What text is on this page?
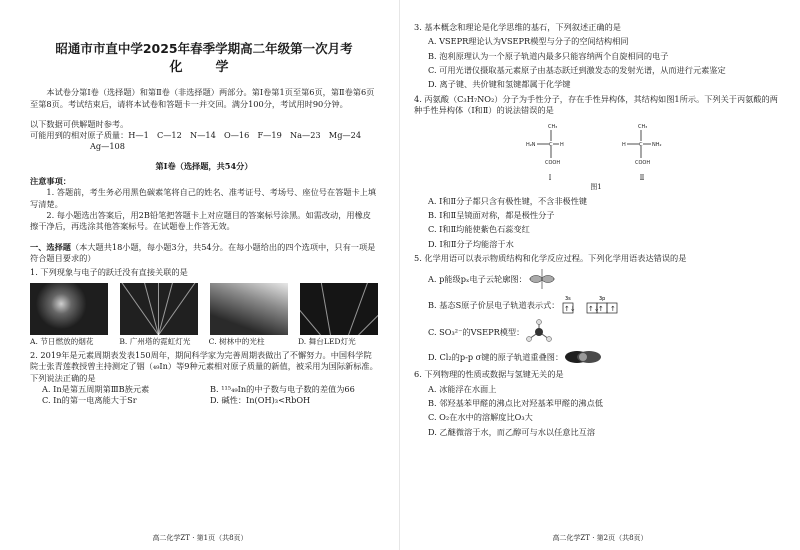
昭通市市直中学2025年春季学期高二年级第一次月考

化　学

本试卷分第Ⅰ卷（选择题）和第Ⅱ卷（非选择题）两部分。第Ⅰ卷第1页至第6页，第Ⅱ卷第6页至第8页。考试结束后，请将本试卷和答题卡一并交回。满分100分，考试用时90分钟。

以下数据可供解题时参考。

可能用到的相对原子质量：H—1　C—12　N—14　O—16　F—19　Na—23　Mg—24

Ag—108

第Ⅰ卷（选择题，共54分）

注意事项：

1. 答题前，考生务必用黑色碳素笔将自己的姓名、准考证号、考场号、座位号在答题卡上填写清楚。

2. 每小题选出答案后，用2B铅笔把答题卡上对应题目的答案标号涂黑。如需改动，用橡皮擦干净后，再选涂其他答案标号。在试题卷上作答无效。

一、选择题（本大题共18小题，每小题3分，共54分。在每小题给出的四个选项中，只有一项是符合题目要求的）

1. 下列现象与电子的跃迁没有直接关联的是

A. 节日燃放的烟花	B. 广州塔的霓虹灯光	C. 树林中的光柱	D. 舞台LED灯光

2. 2019年是元素周期表发表150周年，期间科学家为完善周期表做出了不懈努力。中国科学院院士张青莲教授曾主持测定了铟（₄₉In）等9种元素相对原子质量的新值，被采用为国际新标准。下列说法正确的是

A. In是第五周期第ⅢB族元素	B. ¹¹⁵₄₉In的中子数与电子数的差值为66
C. In的第一电离能大于Sr	D. 碱性：In(OH)₃<RbOH
高二化学ZT · 第1页（共8页）

3. 基本概念和理论是化学思维的基石，下列叙述正确的是

A. VSEPR理论认为VSEPR模型与分子的空间结构相同

B. 泡利原理认为一个原子轨道内最多只能容纳两个自旋相同的电子

C. 可用光谱仪摄取基元素原子由基态跃迁到激发态的发射光谱，从而进行元素鉴定

D. 离子键、共价键和氢键都属于化学键

4. 丙氨酸（C₃H₇NO₂）分子为手性分子，存在手性异构体，其结构如图1所示。下列关于丙氨酸的两种手性异构体（Ⅰ和Ⅱ）的说法错误的是

CH₃
H₂N	H
COOH
C
Ⅰ
CH₃
H	NH₂
COOH
C
Ⅱ
图1

A. Ⅰ和Ⅱ分子都只含有极性键，不含非极性键

B. Ⅰ和Ⅱ呈镜面对称，都是极性分子

C. Ⅰ和Ⅱ均能使紫色石蕊变红

D. Ⅰ和Ⅱ分子均能溶于水

5. 化学用语可以表示物质结构和化学反应过程。下列化学用语表达错误的是

A. p能级pₓ电子云轮廓图：
B. 基态S原子价层电子轨道表示式：
3s	3p
↑↓ ↑↓
↑ ↑
C. SO₃²⁻的VSEPR模型：
D. Cl₂的p-p σ键的原子轨道重叠图：

6. 下列物理的性质或数据与氢键无关的是

A. 冰能浮在水面上

B. 邻羟基苯甲醛的沸点比对羟基苯甲醛的沸点低

C. O₂在水中的溶解度比O₃大

D. 乙醚微溶于水，而乙醇可与水以任意比互溶

高二化学ZT · 第2页（共8页）
